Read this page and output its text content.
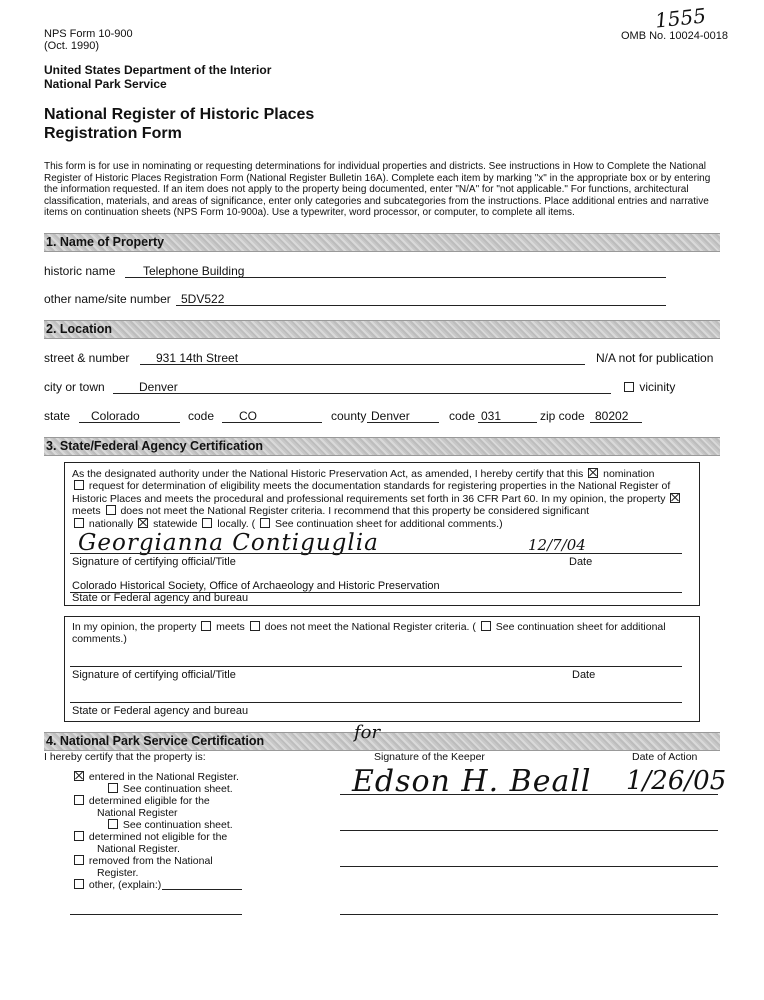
NPS Form 10-900
(Oct. 1990)
OMB No. 10024-0018
1555
United States Department of the Interior
National Park Service
National Register of Historic Places
Registration Form
This form is for use in nominating or requesting determinations for individual properties and districts. See instructions in How to Complete the National
Register of Historic Places Registration Form (National Register Bulletin 16A). Complete each item by marking "x" in the appropriate box or by entering
the information requested. If an item does not apply to the property being documented, enter "N/A" for "not applicable." For functions, architectural
classification, materials, and areas of significance, enter only categories and subcategories from the instructions. Place additional entries and narrative
items on continuation sheets (NPS Form 10-900a). Use a typewriter, word processor, or computer, to complete all items.
1. Name of Property
historic name Telephone Building
other name/site number 5DV522
2. Location
street & number 931 14th Street	N/A not for publication
city or town	Denver	vicinity
state Colorado	code CO	county Denver	code 031	zip code 80202
3. State/Federal Agency Certification
As the designated authority under the National Historic Preservation Act, as amended, I hereby certify that this nomination
request for determination of eligibility meets the documentation standards for registering properties in the National Register of
Historic Places and meets the procedural and professional requirements set forth in 36 CFR Part 60. In my opinion, the property
meets does not meet the National Register criteria. I recommend that this property be considered significant
nationally statewide locally. (  See continuation sheet for additional comments.)
Georgianna Contiguglia	12/7/04
Signature of certifying official/Title	Date
Colorado Historical Society, Office of Archaeology and Historic Preservation
State or Federal agency and bureau
In my opinion, the property meets does not meet the National Register criteria. ( See continuation sheet for additional
comments.)
Signature of certifying official/Title	Date
State or Federal agency and bureau
4. National Park Service Certification
I hereby certify that the property is:	Signature of the Keeper	Date of Action
for
Edson H. Beall 1/26/05
entered in the National Register.
See continuation sheet.
determined eligible for the
National Register
See continuation sheet.
determined not eligible for the
National Register.
removed from the National
Register.
other, (explain:)
